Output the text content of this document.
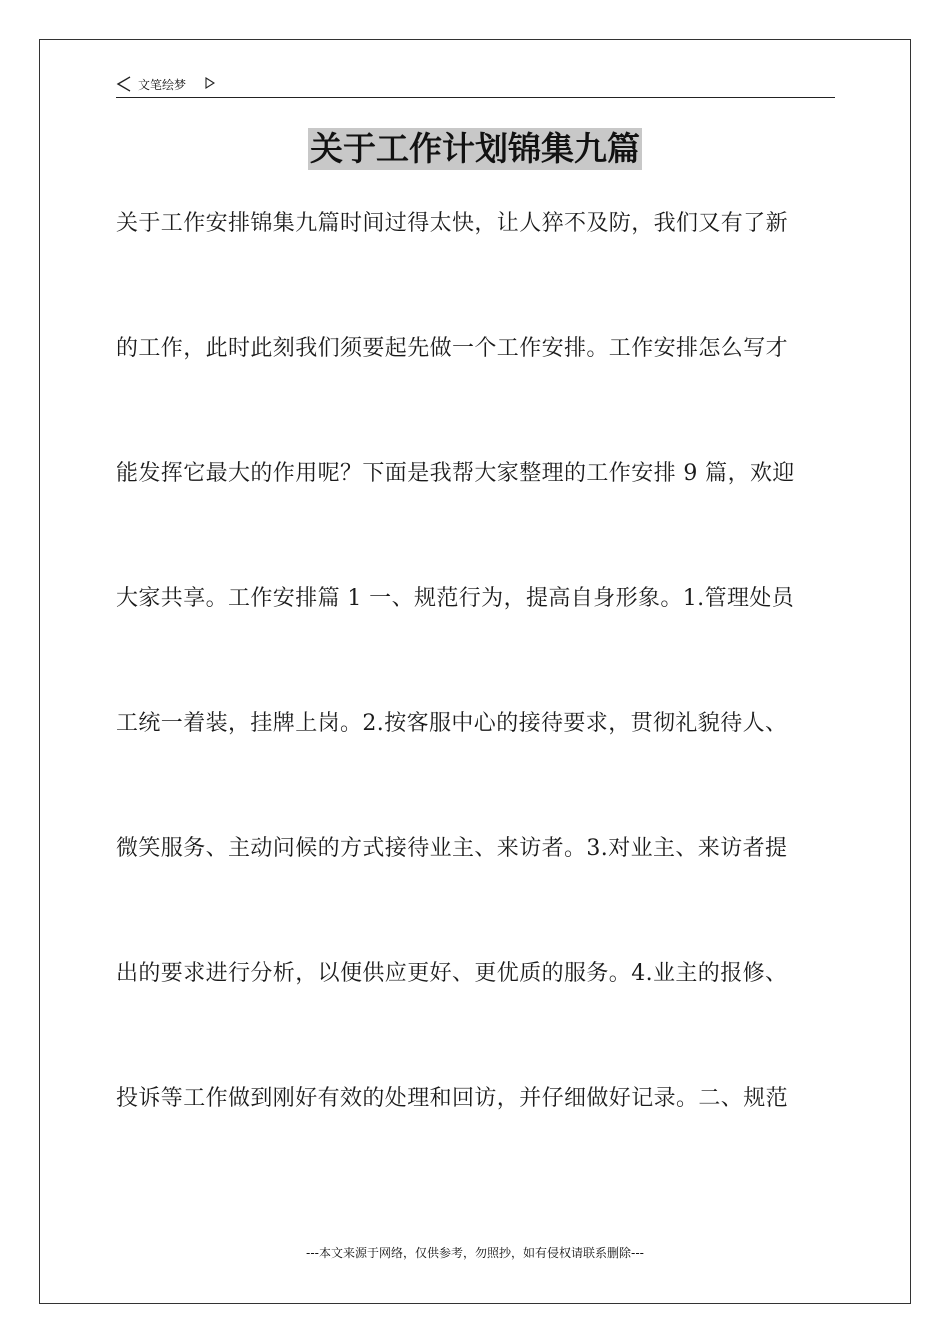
文笔绘梦
关于工作计划锦集九篇
关于工作安排锦集九篇时间过得太快，让人猝不及防，我们又有了新
的工作，此时此刻我们须要起先做一个工作安排。工作安排怎么写才
能发挥它最大的作用呢？下面是我帮大家整理的工作安排 9 篇，欢迎
大家共享。工作安排篇 1 一、规范行为，提高自身形象。1.管理处员
工统一着装，挂牌上岗。2.按客服中心的接待要求，贯彻礼貌待人、
微笑服务、主动问候的方式接待业主、来访者。3.对业主、来访者提
出的要求进行分析，以便供应更好、更优质的服务。4.业主的报修、
投诉等工作做到刚好有效的处理和回访，并仔细做好记录。二、规范
---本文来源于网络，仅供参考，勿照抄，如有侵权请联系删除---
